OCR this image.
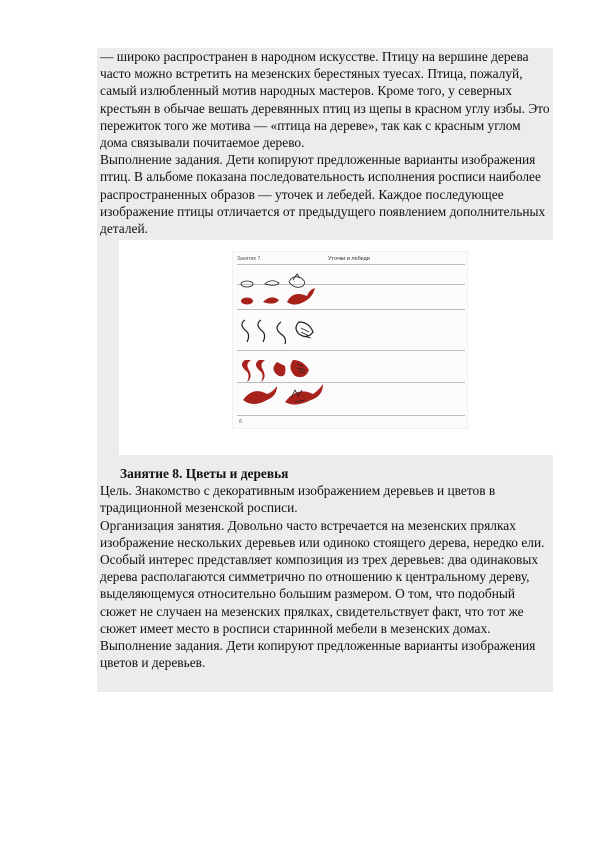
— широко распространен в народном искусстве. Птицу на вершине дерева часто можно встретить на мезенских берестяных туесах. Птица, пожалуй, самый излюбленный мотив народных мастеров. Кроме того, у северных крестьян в обычае вешать деревянных птиц из щепы в красном углу избы. Это пережиток того же мотива — «птица на дереве», так как с красным углом дома связывали почитаемое дерево.

Выполнение задания. Дети копируют предложенные варианты изображения птиц. В альбоме показана последовательность исполнения росписи наиболее распространенных образов — уточек и лебедей. Каждое последующее изображение птицы отличается от предыдущего появлением дополнительных деталей.

Занятие 7.	Уточки и лебеди
8

Занятие 8. Цветы и деревья

Цель. Знакомство с декоративным изображением деревьев и цветов в традиционной мезенской росписи.

Организация занятия. Довольно часто встречается на мезенских прялках изображение нескольких деревьев или одиноко стоящего дерева, нередко ели. Особый интерес представляет композиция из трех деревьев: два одинаковых дерева располагаются симметрично по отношению к центральному дереву, выделяющемуся относительно большим размером. О том, что подобный сюжет не случаен на мезенских прялках, свидетельствует факт, что тот же сюжет имеет место в росписи старинной мебели в мезенских домах.

Выполнение задания. Дети копируют предложенные варианты изображения цветов и деревьев.
